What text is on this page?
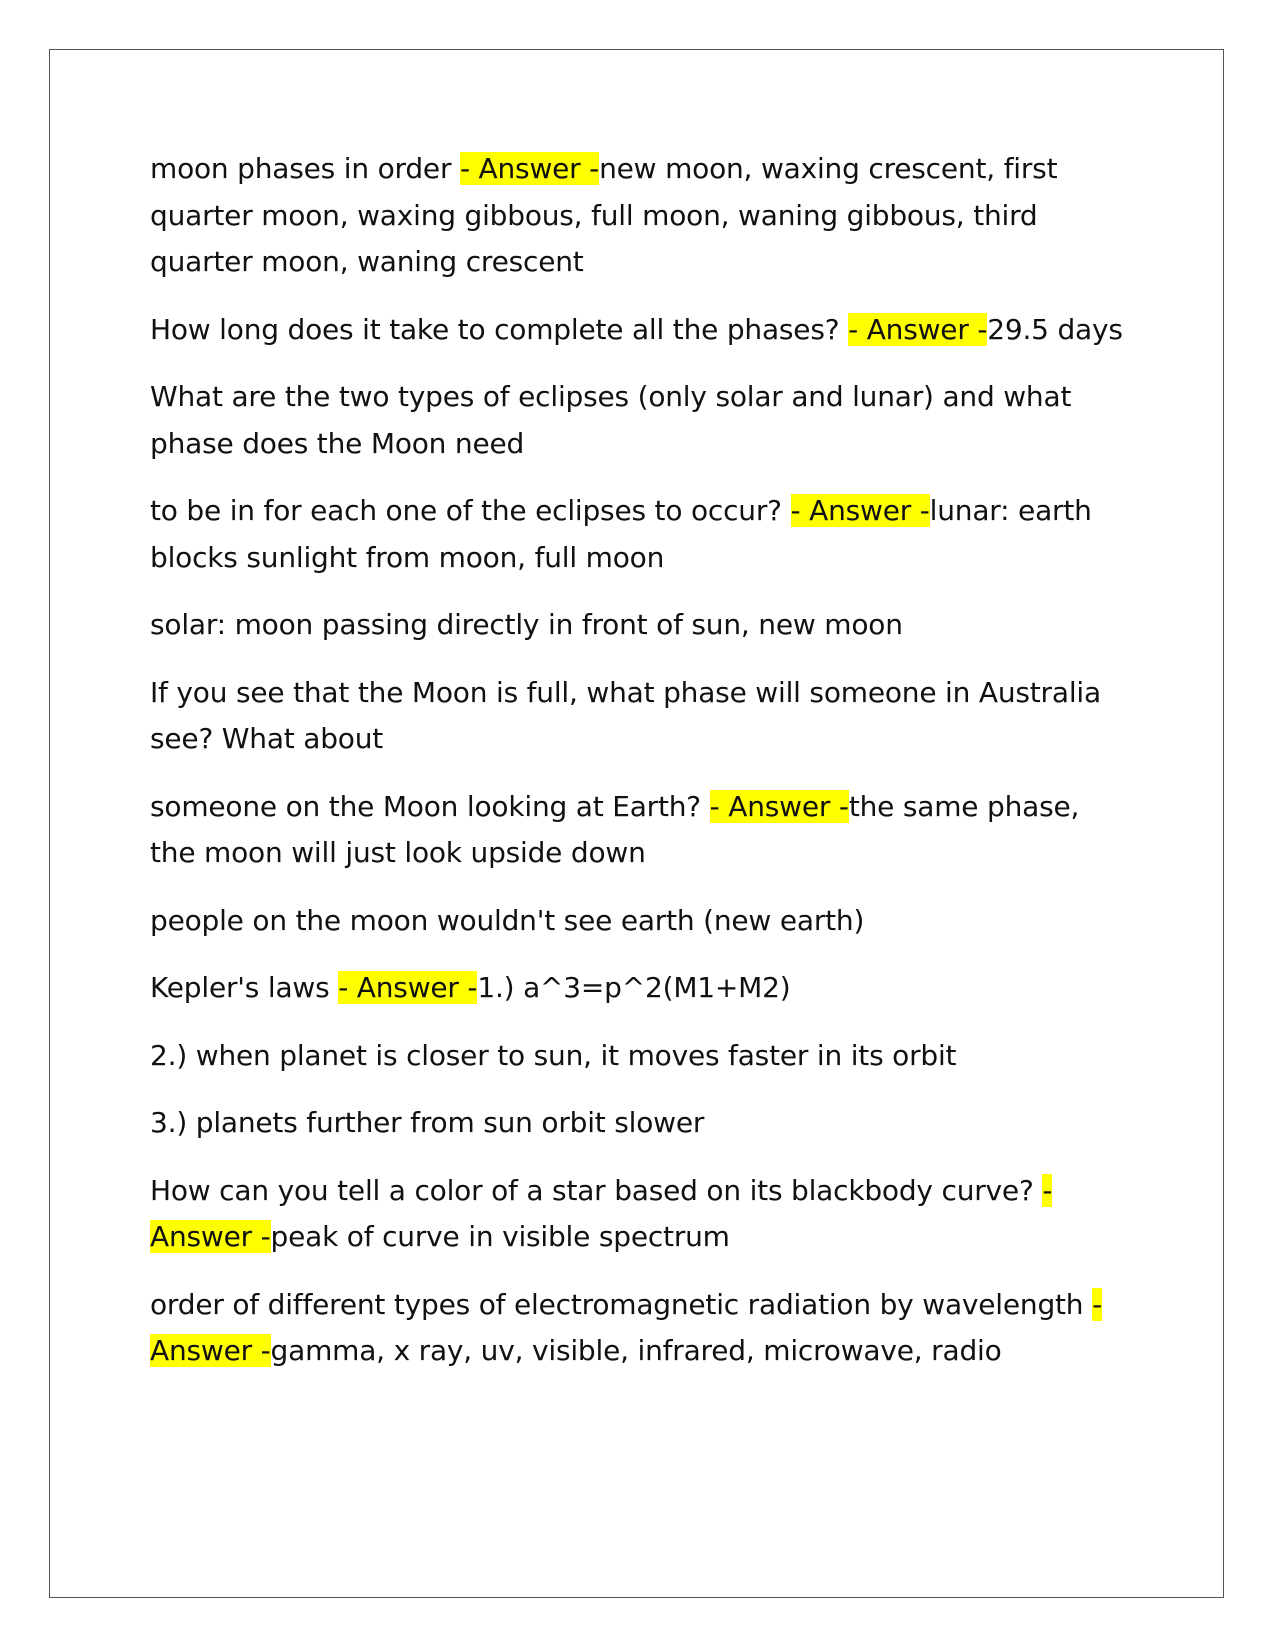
moon phases in order - Answer -new moon, waxing crescent, first quarter moon, waxing gibbous, full moon, waning gibbous, third quarter moon, waning crescent

How long does it take to complete all the phases? - Answer -29.5 days

What are the two types of eclipses (only solar and lunar) and what phase does the Moon need

to be in for each one of the eclipses to occur? - Answer -lunar: earth blocks sunlight from moon, full moon

solar: moon passing directly in front of sun, new moon

If you see that the Moon is full, what phase will someone in Australia see? What about

someone on the Moon looking at Earth? - Answer -the same phase, the moon will just look upside down

people on the moon wouldn't see earth (new earth)

Kepler's laws - Answer -1.) a^3=p^2(M1+M2)

2.) when planet is closer to sun, it moves faster in its orbit

3.) planets further from sun orbit slower

How can you tell a color of a star based on its blackbody curve? - Answer -peak of curve in visible spectrum

order of different types of electromagnetic radiation by wavelength - Answer -gamma, x ray, uv, visible, infrared, microwave, radio
